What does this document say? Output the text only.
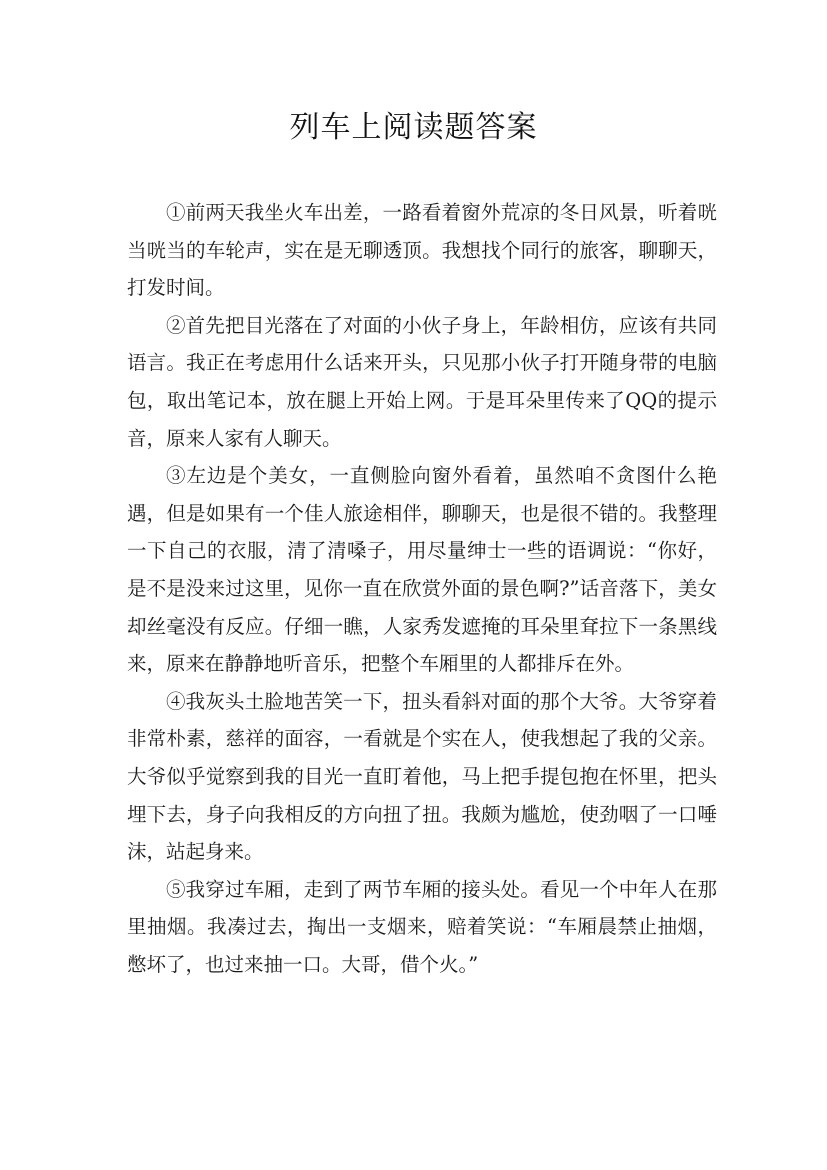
列车上阅读题答案

①前两天我坐火车出差，一路看着窗外荒凉的冬日风景，听着咣当咣当的车轮声，实在是无聊透顶。我想找个同行的旅客，聊聊天，打发时间。

②首先把目光落在了对面的小伙子身上，年龄相仿，应该有共同语言。我正在考虑用什么话来开头，只见那小伙子打开随身带的电脑包，取出笔记本，放在腿上开始上网。于是耳朵里传来了QQ的提示音，原来人家有人聊天。

③左边是个美女，一直侧脸向窗外看着，虽然咱不贪图什么艳遇，但是如果有一个佳人旅途相伴，聊聊天，也是很不错的。我整理一下自己的衣服，清了清嗓子，用尽量绅士一些的语调说：“你好，是不是没来过这里，见你一直在欣赏外面的景色啊?”话音落下，美女却丝毫没有反应。仔细一瞧，人家秀发遮掩的耳朵里耷拉下一条黑线来，原来在静静地听音乐，把整个车厢里的人都排斥在外。

④我灰头土脸地苦笑一下，扭头看斜对面的那个大爷。大爷穿着非常朴素，慈祥的面容，一看就是个实在人，使我想起了我的父亲。大爷似乎觉察到我的目光一直盯着他，马上把手提包抱在怀里，把头埋下去，身子向我相反的方向扭了扭。我颇为尴尬，使劲咽了一口唾沫，站起身来。

⑤我穿过车厢，走到了两节车厢的接头处。看见一个中年人在那里抽烟。我凑过去，掏出一支烟来，赔着笑说：“车厢晨禁止抽烟，憋坏了，也过来抽一口。大哥，借个火。”
